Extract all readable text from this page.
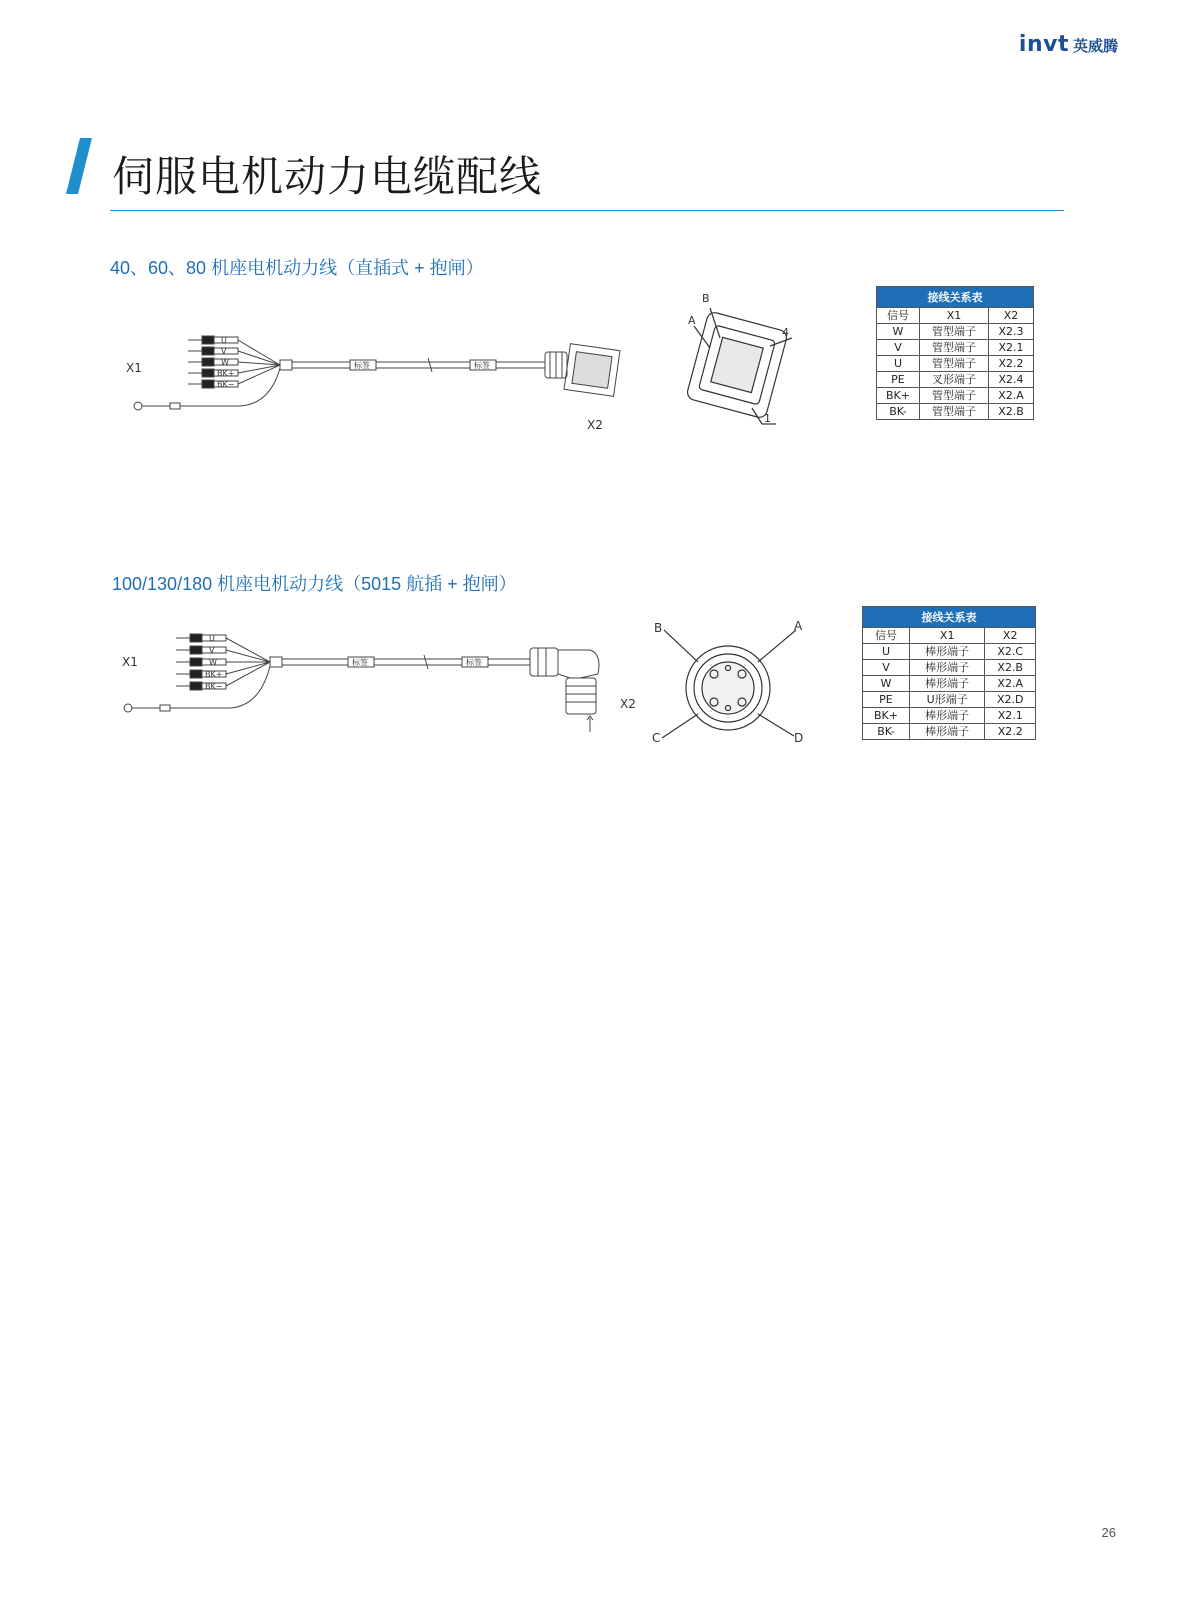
invt 英威腾
伺服电机动力电缆配线
40、60、80 机座电机动力线（直插式 + 抱闸）
X1
X2
U
V
W
BK+
BK−
标签	标签
B
A
4
1
接线关系表		
信号	X1	X2
W	管型端子	X2.3
V	管型端子	X2.1
U	管型端子	X2.2
PE	叉形端子	X2.4
BK+	管型端子	X2.A
BK-	管型端子	X2.B
100/130/180 机座电机动力线（5015 航插 + 抱闸）
X1
X2
U
V
W
BK+
BK−
标签	标签
B	A
C	D
接线关系表		
信号	X1	X2
U	棒形端子	X2.C
V	棒形端子	X2.B
W	棒形端子	X2.A
PE	U形端子	X2.D
BK+	棒形端子	X2.1
BK-	棒形端子	X2.2
26
